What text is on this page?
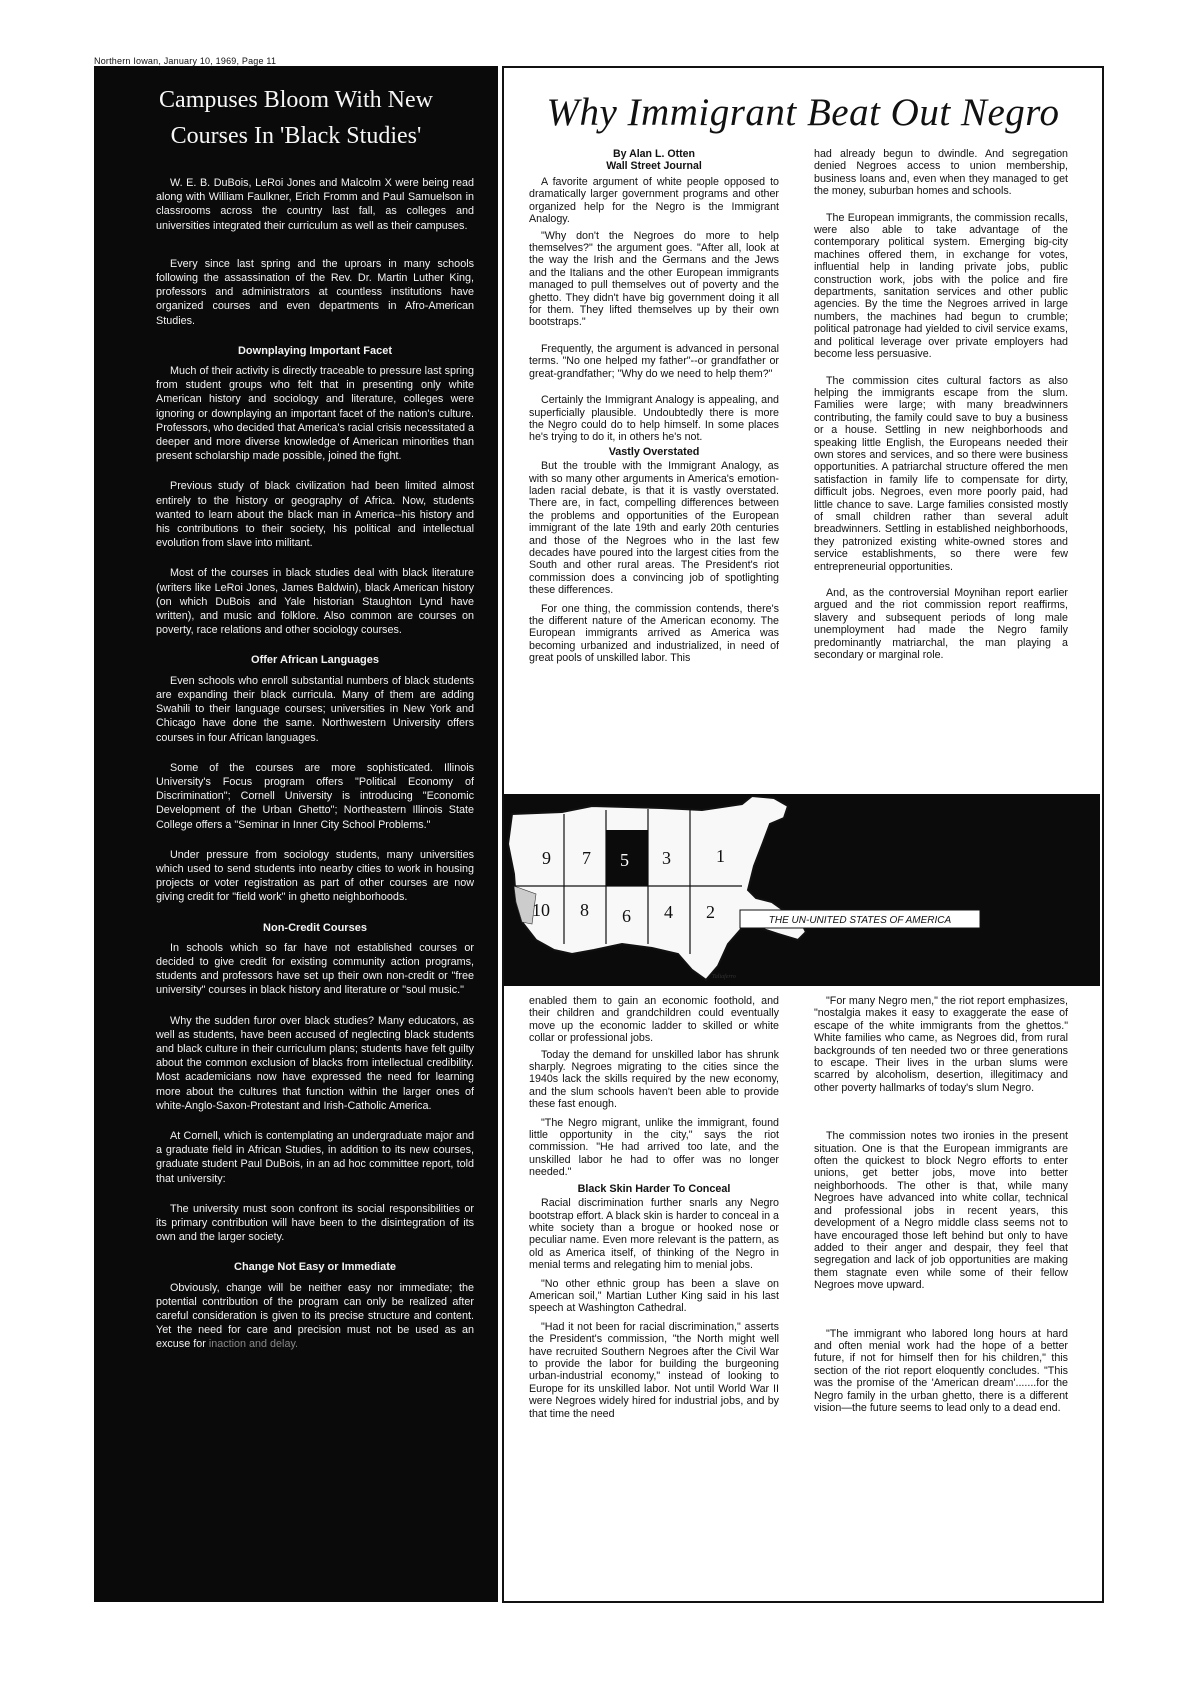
Northern Iowan, January 10, 1969, Page 11
Campuses Bloom With New
Courses In 'Black Studies'

W. E. B. DuBois, LeRoi Jones and Malcolm X were being read along with William Faulkner, Erich Fromm and Paul Samuelson in classrooms across the country last fall, as colleges and universities integrated their curriculum as well as their campuses.

Every since last spring and the uproars in many schools following the assassination of the Rev. Dr. Martin Luther King, professors and administrators at countless institutions have organized courses and even departments in Afro-American Studies.

Downplaying Important Facet

Much of their activity is directly traceable to pressure last spring from student groups who felt that in presenting only white American history and sociology and literature, colleges were ignoring or downplaying an important facet of the nation's culture. Professors, who decided that America's racial crisis necessitated a deeper and more diverse knowledge of American minorities than present scholarship made possible, joined the fight.

Previous study of black civilization had been limited almost entirely to the history or geography of Africa. Now, students wanted to learn about the black man in America--his history and his contributions to their society, his political and intellectual evolution from slave into militant.

Most of the courses in black studies deal with black literature (writers like LeRoi Jones, James Baldwin), black American history (on which DuBois and Yale historian Staughton Lynd have written), and music and folklore. Also common are courses on poverty, race relations and other sociology courses.

Offer African Languages

Even schools who enroll substantial numbers of black students are expanding their black curricula. Many of them are adding Swahili to their language courses; universities in New York and Chicago have done the same. Northwestern University offers courses in four African languages.

Some of the courses are more sophisticated. Illinois University's Focus program offers "Political Economy of Discrimination"; Cornell University is introducing "Economic Development of the Urban Ghetto"; Northeastern Illinois State College offers a "Seminar in Inner City School Problems."

Under pressure from sociology students, many universities which used to send students into nearby cities to work in housing projects or voter registration as part of other courses are now giving credit for "field work" in ghetto neighborhoods.

Non-Credit Courses

In schools which so far have not established courses or decided to give credit for existing community action programs, students and professors have set up their own non-credit or "free university" courses in black history and literature or "soul music."

Why the sudden furor over black studies? Many educators, as well as students, have been accused of neglecting black students and black culture in their curriculum plans; students have felt guilty about the common exclusion of blacks from intellectual credibility. Most academicians now have expressed the need for learning more about the cultures that function within the larger ones of white-Anglo-Saxon-Protestant and Irish-Catholic America.

At Cornell, which is contemplating an undergraduate major and a graduate field in African Studies, in addition to its new courses, graduate student Paul DuBois, in an ad hoc committee report, told that university:

The university must soon confront its social responsibilities or its primary contribution will have been to the disintegration of its own and the larger society.

Change Not Easy or Immediate

Obviously, change will be neither easy nor immediate; the potential contribution of the program can only be realized after careful consideration is given to its precise structure and content. Yet the need for care and precision must not be used as an excuse for inaction and delay.

Why Immigrant Beat Out Negro
By Alan L. Otten
Wall Street Journal

A favorite argument of white people opposed to dramatically larger government programs and other organized help for the Negro is the Immigrant Analogy.

"Why don't the Negroes do more to help themselves?" the argument goes. "After all, look at the way the Irish and the Germans and the Jews and the Italians and the other European immigrants managed to pull themselves out of poverty and the ghetto. They didn't have big government doing it all for them. They lifted themselves up by their own bootstraps."

Frequently, the argument is advanced in personal terms. "No one helped my father"--or grandfather or great-grandfather; "Why do we need to help them?"

Certainly the Immigrant Analogy is appealing, and superficially plausible. Undoubtedly there is more the Negro could do to help himself. In some places he's trying to do it, in others he's not.

Vastly Overstated

But the trouble with the Immigrant Analogy, as with so many other arguments in America's emotion-laden racial debate, is that it is vastly overstated. There are, in fact, compelling differences between the problems and opportunities of the European immigrant of the late 19th and early 20th centuries and those of the Negroes who in the last few decades have poured into the largest cities from the South and other rural areas. The President's riot commission does a convincing job of spotlighting these differences.

For one thing, the commission contends, there's the different nature of the American economy. The European immigrants arrived as America was becoming urbanized and industrialized, in need of great pools of unskilled labor. This

had already begun to dwindle. And segregation denied Negroes access to union membership, business loans and, even when they managed to get the money, suburban homes and schools.

The European immigrants, the commission recalls, were also able to take advantage of the contemporary political system. Emerging big-city machines offered them, in exchange for votes, influential help in landing private jobs, public construction work, jobs with the police and fire departments, sanitation services and other public agencies. By the time the Negroes arrived in large numbers, the machines had begun to crumble; political patronage had yielded to civil service exams, and political leverage over private employers had become less persuasive.

The commission cites cultural factors as also helping the immigrants escape from the slum. Families were large; with many breadwinners contributing, the family could save to buy a business or a house. Settling in new neighborhoods and speaking little English, the Europeans needed their own stores and services, and so there were business opportunities. A patriarchal structure offered the men satisfaction in family life to compensate for dirty, difficult jobs. Negroes, even more poorly paid, had little chance to save. Large families consisted mostly of small children rather than several adult breadwinners. Settling in established neighborhoods, they patronized existing white-owned stores and service establishments, so there were few entrepreneurial opportunities.

And, as the controversial Moynihan report earlier argued and the riot commission report reaffirms, slavery and subsequent periods of long male unemployment had made the Negro family predominantly matriarchal, the man playing a secondary or marginal role.

9 7 5 3	1
10 8 6 4 2	THE UN-UNITED STATES OF AMERICA
Taliaferro

enabled them to gain an economic foothold, and their children and grandchildren could eventually move up the economic ladder to skilled or white collar or professional jobs.

Today the demand for unskilled labor has shrunk sharply. Negroes migrating to the cities since the 1940s lack the skills required by the new economy, and the slum schools haven't been able to provide these fast enough.

"The Negro migrant, unlike the immigrant, found little opportunity in the city," says the riot commission. "He had arrived too late, and the unskilled labor he had to offer was no longer needed."

Black Skin Harder To Conceal

Racial discrimination further snarls any Negro bootstrap effort. A black skin is harder to conceal in a white society than a brogue or hooked nose or peculiar name. Even more relevant is the pattern, as old as America itself, of thinking of the Negro in menial terms and relegating him to menial jobs.

"No other ethnic group has been a slave on American soil," Martian Luther King said in his last speech at Washington Cathedral.

"Had it not been for racial discrimination," asserts the President's commission, "the North might well have recruited Southern Negroes after the Civil War to provide the labor for building the burgeoning urban-industrial economy," instead of looking to Europe for its unskilled labor. Not until World War II were Negroes widely hired for industrial jobs, and by that time the need

"For many Negro men," the riot report emphasizes, "nostalgia makes it easy to exaggerate the ease of escape of the white immigrants from the ghettos." White families who came, as Negroes did, from rural backgrounds of ten needed two or three generations to escape. Their lives in the urban slums were scarred by alcoholism, desertion, illegitimacy and other poverty hallmarks of today's slum Negro.

The commission notes two ironies in the present situation. One is that the European immigrants are often the quickest to block Negro efforts to enter unions, get better jobs, move into better neighborhoods. The other is that, while many Negroes have advanced into white collar, technical and professional jobs in recent years, this development of a Negro middle class seems not to have encouraged those left behind but only to have added to their anger and despair, they feel that segregation and lack of job opportunities are making them stagnate even while some of their fellow Negroes move upward.

"The immigrant who labored long hours at hard and often menial work had the hope of a better future, if not for himself then for his children," this section of the riot report eloquently concludes. "This was the promise of the 'American dream'.......for the Negro family in the urban ghetto, there is a different vision—the future seems to lead only to a dead end.
